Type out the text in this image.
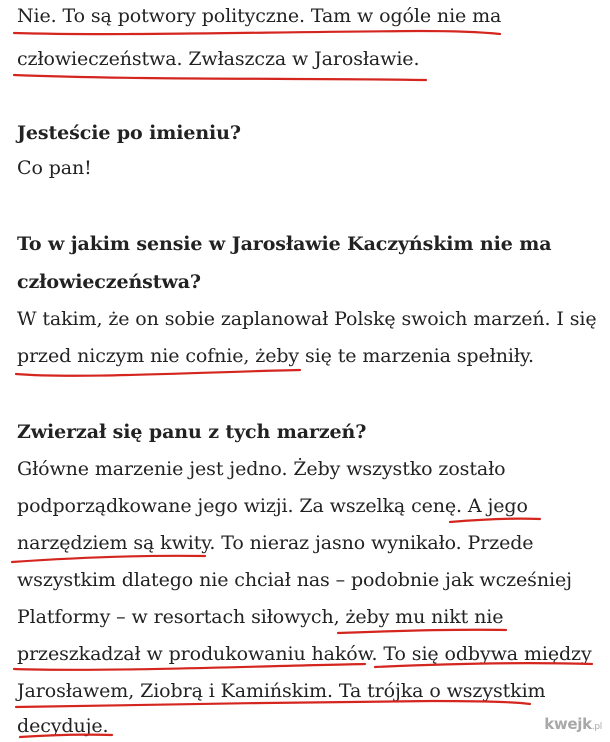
Nie. To są potwory polityczne. Tam w ogóle nie ma
człowieczeństwa. Zwłaszcza w Jarosławie.
Jesteście po imieniu?
Co pan!
To w jakim sensie w Jarosławie Kaczyńskim nie ma
człowieczeństwa?
W takim, że on sobie zaplanował Polskę swoich marzeń. I się
przed niczym nie cofnie, żeby się te marzenia spełniły.
Zwierzał się panu z tych marzeń?
Główne marzenie jest jedno. Żeby wszystko zostało
podporządkowane jego wizji. Za wszelką cenę. A jego
narzędziem są kwity. To nieraz jasno wynikało. Przede
wszystkim dlatego nie chciał nas – podobnie jak wcześniej
Platformy – w resortach siłowych, żeby mu nikt nie
przeszkadzał w produkowaniu haków. To się odbywa między
Jarosławem, Ziobrą i Kamińskim. Ta trójka o wszystkim
decyduje.	kwejk.pl
